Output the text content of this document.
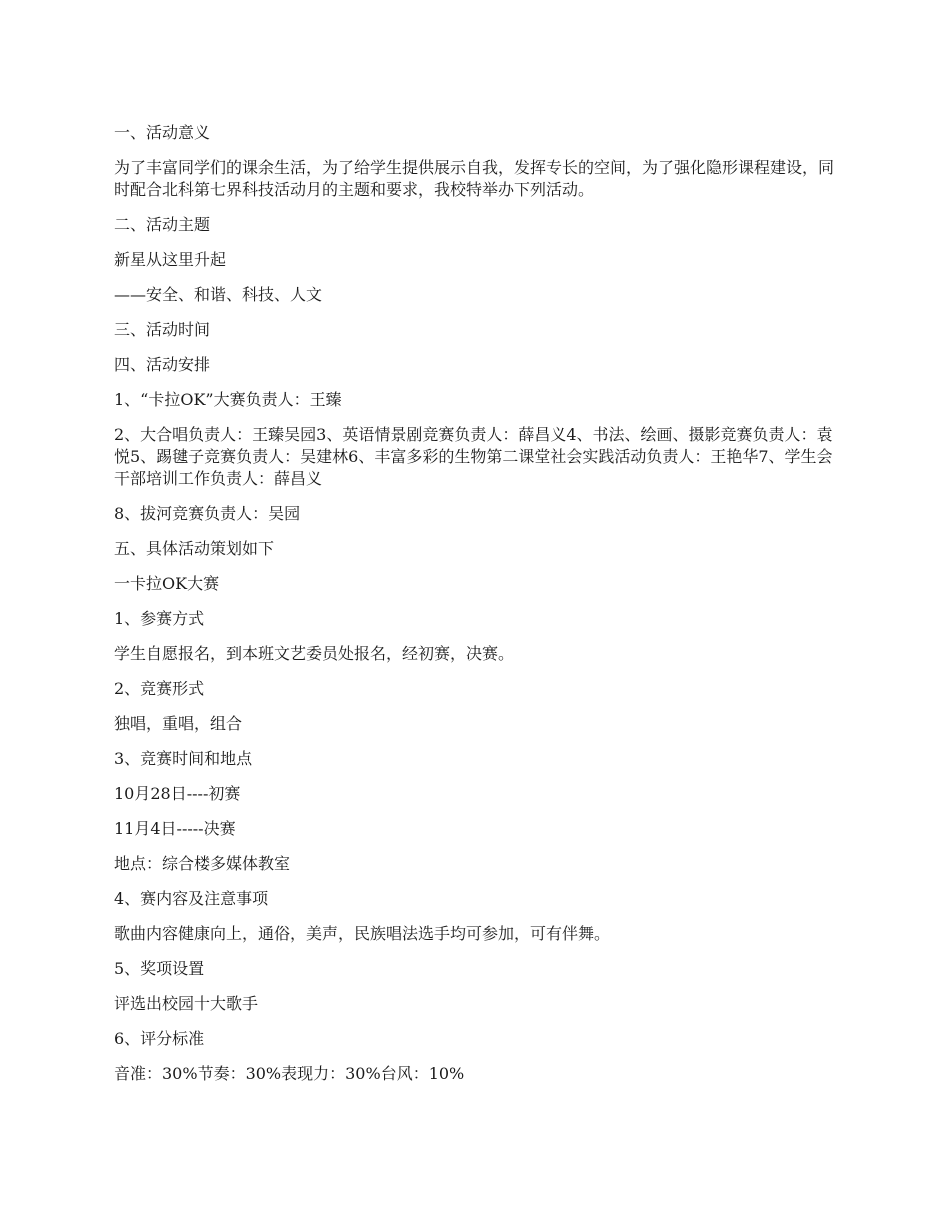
一、活动意义

为了丰富同学们的课余生活，为了给学生提供展示自我，发挥专长的空间，为了强化隐形课程建设，同时配合北科第七界科技活动月的主题和要求，我校特举办下列活动。

二、活动主题

新星从这里升起

——安全、和谐、科技、人文

三、活动时间

四、活动安排

1、“卡拉OK”大赛负责人：王臻

2、大合唱负责人：王臻吴园3、英语情景剧竞赛负责人：薛昌义4、书法、绘画、摄影竞赛负责人：袁悦5、踢毽子竞赛负责人：吴建林6、丰富多彩的生物第二课堂社会实践活动负责人：王艳华7、学生会干部培训工作负责人：薛昌义

8、拔河竞赛负责人：吴园

五、具体活动策划如下

一卡拉OK大赛

1、参赛方式

学生自愿报名，到本班文艺委员处报名，经初赛，决赛。

2、竞赛形式

独唱，重唱，组合

3、竞赛时间和地点

10月28日----初赛

11月4日-----决赛

地点：综合楼多媒体教室

4、赛内容及注意事项

歌曲内容健康向上，通俗，美声，民族唱法选手均可参加，可有伴舞。

5、奖项设置

评选出校园十大歌手

6、评分标准

音准：30%节奏：30%表现力：30%台风：10%
